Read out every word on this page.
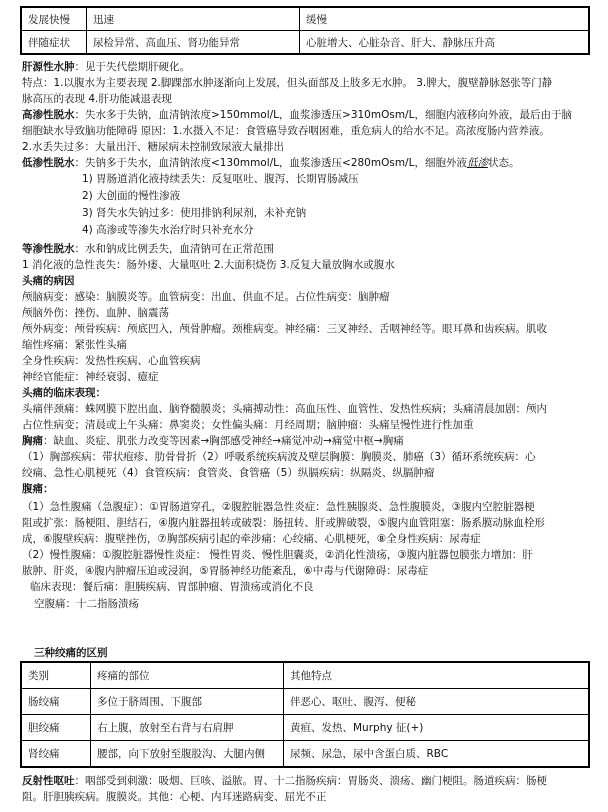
发展快慢	迅速	缓慢
伴随症状	尿检异常、高血压、肾功能异常	心脏增大、心脏杂音、肝大、静脉压升高
肝源性水肿：见于失代偿期肝硬化。
特点：1.以腹水为主要表现 2.脚踝部水肿逐渐向上发展，但头面部及上肢多无水肿。 3.脾大，腹壁静脉怒张等门静
脉高压的表现 4.肝功能减退表现
高渗性脱水：失水多于失钠，血清钠浓度>150mmol/L，血浆渗透压>310mOsm/L，细胞内液移向外液，最后由于脑
细胞缺水导致脑功能障碍 原因：1.水摄入不足：食管癌导致吞咽困难，重危病人的给水不足。高浓度肠内营养液。
2.水丢失过多：大量出汗、糖尿病未控制致尿液大量排出
低渗性脱水：失钠多于失水，血清钠浓度<130mmol/L，血浆渗透压<280mOsm/L，细胞外液低渗状态。
1) 胃肠道消化液持续丢失：反复呕吐、腹泻、长期胃肠减压
2) 大创面的慢性渗液
3) 肾失水失钠过多：使用排钠利尿剂，未补充钠
4) 高渗或等渗失水治疗时只补充水分
等渗性脱水：水和钠成比例丢失，血清钠可在正常范围
1 消化液的急性丧失：肠外瘘、大量呕吐 2.大面积烧伤 3.反复大量放胸水或腹水
头痛的病因
颅脑病变：感染：脑膜炎等。血管病变：出血、供血不足。占位性病变：脑肿瘤
颅脑外伤：挫伤、血肿、脑震荡
颅外病变：颅骨疾病：颅底凹入，颅骨肿瘤。颈椎病变。神经痛：三叉神经、舌咽神经等。眼耳鼻和齿疾病。肌收
缩性疼痛：紧张性头痛
全身性疾病：发热性疾病、心血管疾病
神经官能症：神经衰弱、癔症
头痛的临床表现：
头痛伴颈痛：蛛网膜下腔出血、脑脊髓膜炎；头痛搏动性：高血压性、血管性、发热性疾病；头痛清晨加剧：颅内
占位性病变；清晨或上午头痛：鼻窦炎；女性偏头痛：月经周期；脑肿瘤：头痛呈慢性进行性加重
胸痛：缺血、炎症、肌张力改变等因素→胸部感受神经→痛觉冲动→痛觉中枢→胸痛
（1）胸部疾病：带状疱疹、肋骨骨折（2）呼吸系统疾病波及壁层胸膜：胸膜炎、肺癌（3）循环系统疾病：心
绞痛、急性心肌梗死（4）食管疾病：食管炎、食管癌（5）纵膈疾病：纵隔炎、纵膈肿瘤
腹痛：
（1）急性腹痛（急腹症）：①胃肠道穿孔，②腹腔脏器急性炎症：急性胰腺炎、急性腹膜炎，③腹内空腔脏器梗
阻或扩张：肠梗阻、胆结石，④腹内脏器扭转或破裂：肠扭转、肝或脾破裂，⑤腹内血管阻塞：肠系膜动脉血栓形
成，⑥腹壁疾病：腹壁挫伤，⑦胸部疾病引起的牵涉痛：心绞痛、心肌梗死，⑧全身性疾病：尿毒症
（2）慢性腹痛：①腹腔脏器慢性炎症： 慢性胃炎、慢性胆囊炎，②消化性溃疡，③腹内脏器包膜张力增加：肝
脓肿、肝炎，④腹内肿瘤压迫或浸润，⑤胃肠神经功能紊乱，⑥中毒与代谢障碍：尿毒症
临床表现：餐后痛：胆胰疾病、胃部肿瘤、胃溃疡或消化不良
空腹痛：十二指肠溃疡
三种绞痛的区别
类别	疼痛的部位	其他特点
肠绞痛	多位于脐周围、下腹部	伴恶心、呕吐、腹泻、便秘
胆绞痛	右上腹，放射至右背与右肩胛	黄疸、发热、Murphy 征(+)
肾绞痛	腰部，向下放射至腹股沟、大腿内侧	尿频、尿急，尿中含蛋白质、RBC
反射性呕吐：咽部受到刺激：吸烟、巨咳、溢脓。胃、十二指肠疾病：胃肠炎、溃疡、幽门梗阻。肠道疾病：肠梗
阻。肝胆胰疾病。腹膜炎。其他：心梗、内耳迷路病变、屈光不正
